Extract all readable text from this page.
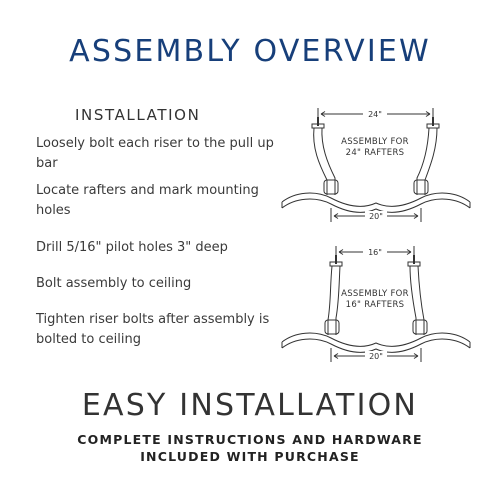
ASSEMBLY OVERVIEW
INSTALLATION
Loosely bolt each riser to the pull up bar
Locate rafters and mark mounting holes
Drill 5/16" pilot holes 3" deep
Bolt assembly to ceiling
Tighten riser bolts after assembly is bolted to ceiling
24"
ASSEMBLY FOR
24" RAFTERS
20"
16"
ASSEMBLY FOR
16" RAFTERS
20"
EASY INSTALLATION
COMPLETE INSTRUCTIONS AND HARDWARE
INCLUDED WITH PURCHASE
